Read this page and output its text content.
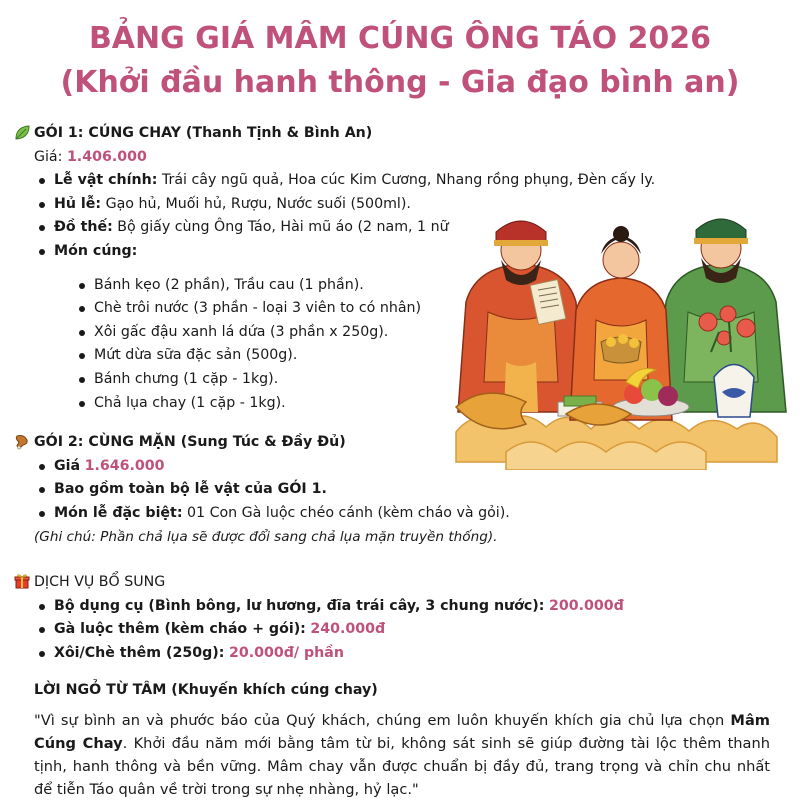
BẢNG GIÁ MÂM CÚNG ÔNG TÁO 2026
(Khởi đầu hanh thông - Gia đạo bình an)
GÓI 1: CÚNG CHAY (Thanh Tịnh & Bình An)
Giá: 1.406.000
Lễ vật chính: Trái cây ngũ quả, Hoa cúc Kim Cương, Nhang rồng phụng, Đèn cấy ly.
Hủ lễ: Gạo hủ, Muối hủ, Rượu, Nước suối (500ml).
Đồ thế: Bộ giấy cùng Ông Táo, Hài mũ áo (2 nam, 1 nữ
Món cúng:
Bánh kẹo (2 phần), Trầu cau (1 phần).
Chè trôi nước (3 phần - loại 3 viên to có nhân)
Xôi gấc đậu xanh lá dứa (3 phần x 250g).
Mứt dừa sữa đặc sản (500g).
Bánh chưng (1 cặp - 1kg).
Chả lụa chay (1 cặp - 1kg).
GÓI 2: CÙNG MẶN (Sung Túc & Đầy Đủ)
Giá 1.646.000
Bao gồm toàn bộ lễ vật của GÓI 1.
Món lễ đặc biệt: 01 Con Gà luộc chéo cánh (kèm cháo và gỏi).
(Ghi chú: Phần chả lụa sẽ được đổi sang chả lụa mặn truyền thống).
DỊCH VỤ BỔ SUNG
Bộ dụng cụ (Bình bông, lư hương, đĩa trái cây, 3 chung nước): 200.000đ
Gà luộc thêm (kèm cháo + gói): 240.000đ
Xôi/Chè thêm (250g): 20.000đ/ phần
LỜI NGỎ TỪ TÂM (Khuyến khích cúng chay)
"Vì sự bình an và phước báo của Quý khách, chúng em luôn khuyến khích gia chủ lựa chọn Mâm Cúng Chay. Khởi đầu năm mới bằng tâm từ bi, không sát sinh sẽ giúp đường tài lộc thêm thanh tịnh, hanh thông và bền vững. Mâm chay vẫn được chuẩn bị đầy đủ, trang trọng và chỉn chu nhất để tiễn Táo quân về trời trong sự nhẹ nhàng, hỷ lạc."
